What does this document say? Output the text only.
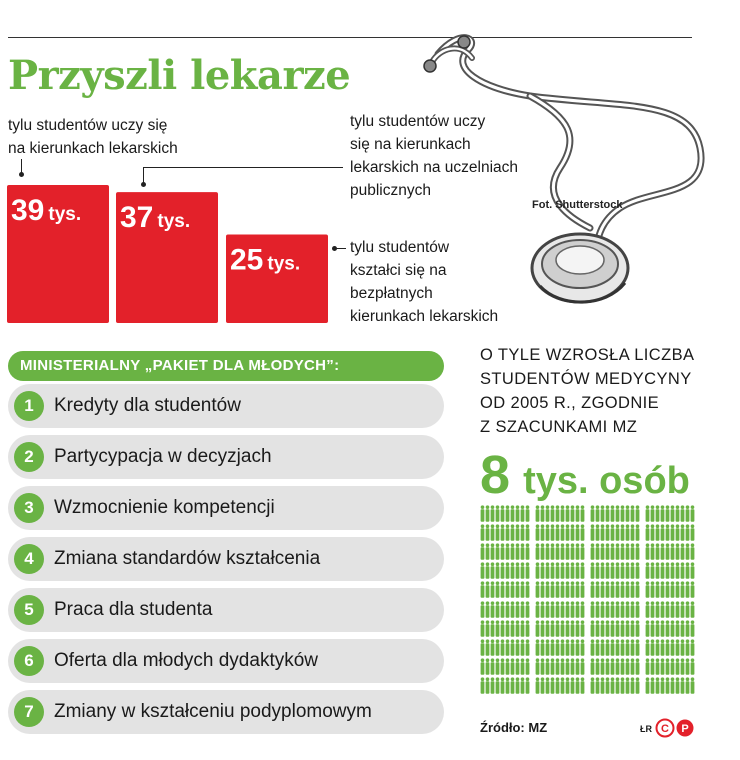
Przyszli lekarze
tylu studentów uczy się
na kierunkach lekarskich
tylu studentów uczy
się na kierunkach
lekarskich na uczelniach
publicznych
tylu studentów
kształci się na
bezpłatnych
kierunkach lekarskich
39 tys. 37 tys.
25 tys.
Fot. Shutterstock
MINISTERIALNY „PAKIET DLA MŁODYCH”:
1	Kredyty dla studentów
2	Partycypacja w decyzjach
3	Wzmocnienie kompetencji
4	Zmiana standardów kształcenia
5	Praca dla studenta
6	Oferta dla młodych dydaktyków
7	Zmiany w kształceniu podyplomowym
O TYLE WZROSŁA LICZBA
STUDENTÓW MEDYCYNY
OD 2005 R., ZGODNIE
Z SZACUNKAMI MZ
8 tys. osób
Źródło: MZ	ŁR C P
